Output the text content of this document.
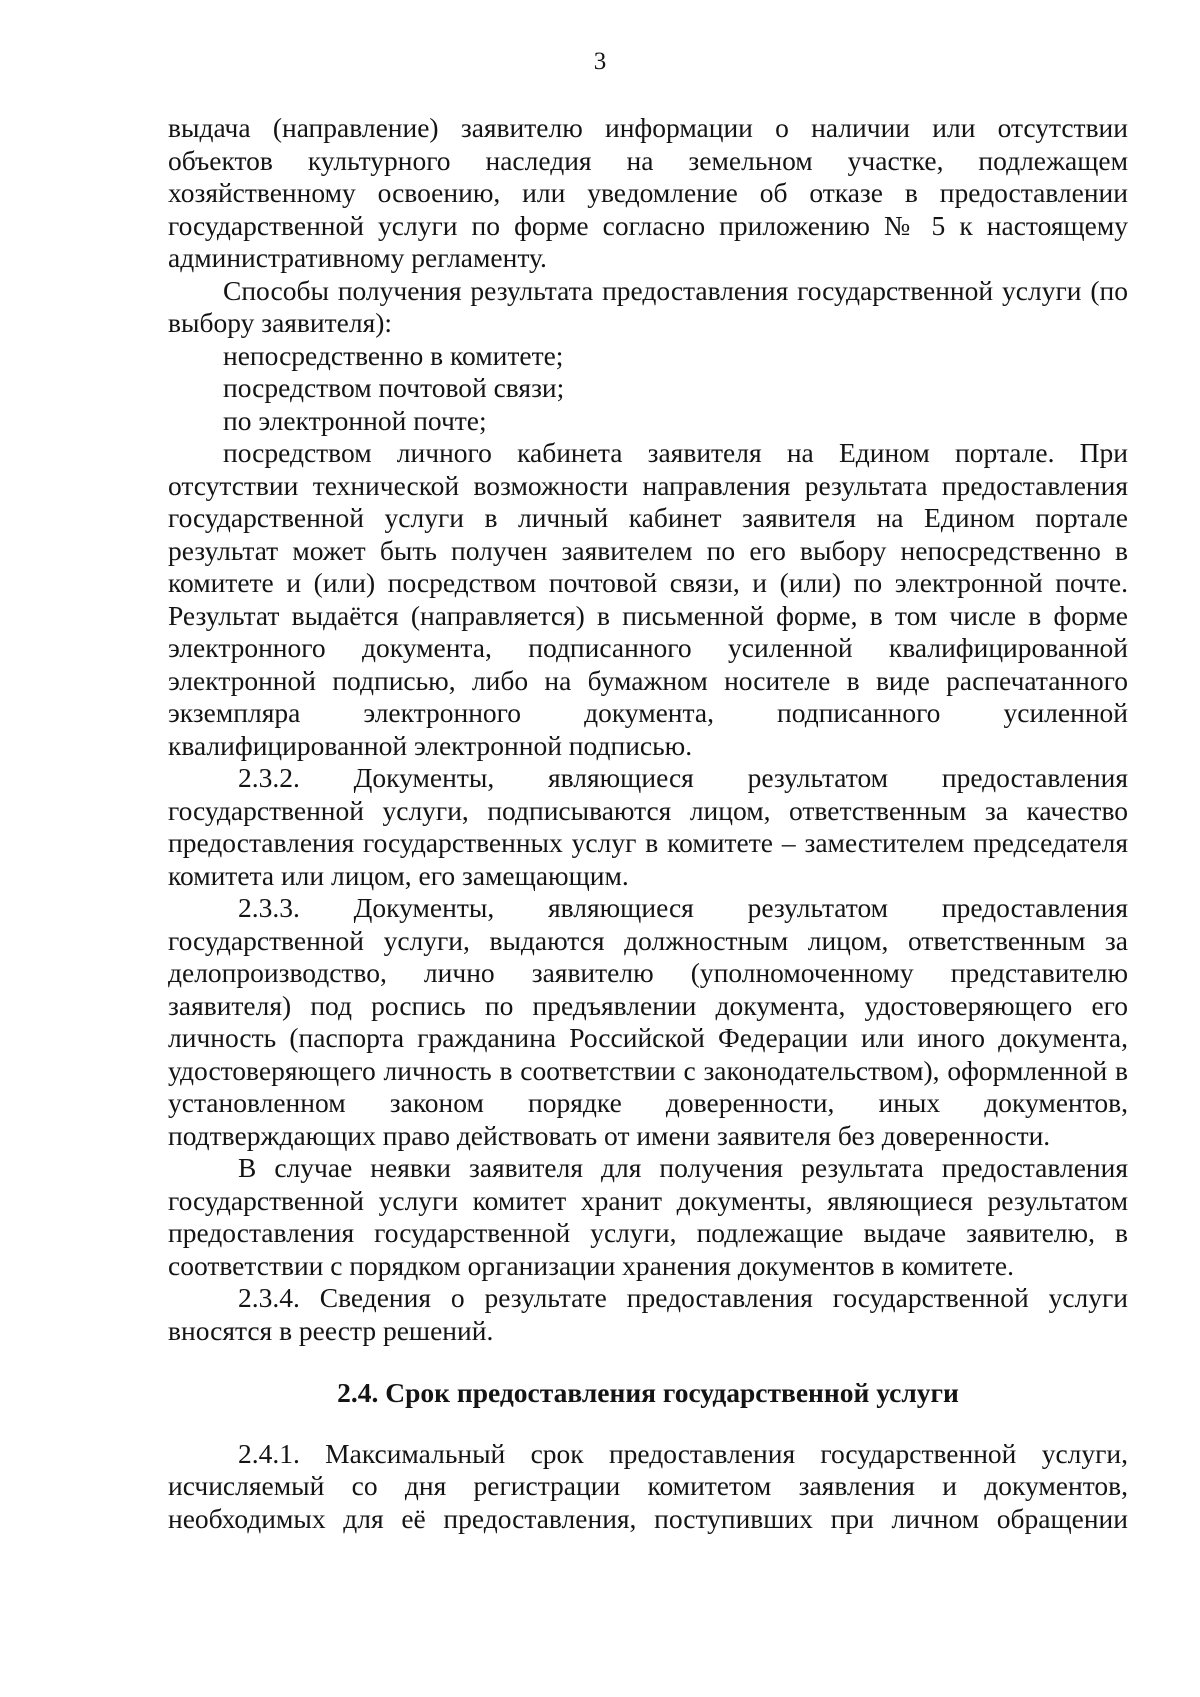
3

выдача (направление) заявителю информации о наличии или отсутствии объектов культурного наследия на земельном участке, подлежащем хозяйственному освоению, или уведомление об отказе в предоставлении государственной услуги по форме согласно приложению № 5 к настоящему административному регламенту.

Способы получения результата предоставления государственной услуги (по выбору заявителя):

непосредственно в комитете;

посредством почтовой связи;

по электронной почте;

посредством личного кабинета заявителя на Едином портале. При отсутствии технической возможности направления результата предоставления государственной услуги в личный кабинет заявителя на Едином портале результат может быть получен заявителем по его выбору непосредственно в комитете и (или) посредством почтовой связи, и (или) по электронной почте. Результат выдаётся (направляется) в письменной форме, в том числе в форме электронного документа, подписанного усиленной квалифицированной электронной подписью, либо на бумажном носителе в виде распечатанного экземпляра электронного документа, подписанного усиленной квалифицированной электронной подписью.

2.3.2. Документы, являющиеся результатом предоставления государственной услуги, подписываются лицом, ответственным за качество предоставления государственных услуг в комитете – заместителем председателя комитета или лицом, его замещающим.

2.3.3. Документы, являющиеся результатом предоставления государственной услуги, выдаются должностным лицом, ответственным за делопроизводство, лично заявителю (уполномоченному представителю заявителя) под роспись по предъявлении документа, удостоверяющего его личность (паспорта гражданина Российской Федерации или иного документа, удостоверяющего личность в соответствии с законодательством), оформленной в установленном законом порядке доверенности, иных документов, подтверждающих право действовать от имени заявителя без доверенности.

В случае неявки заявителя для получения результата предоставления государственной услуги комитет хранит документы, являющиеся результатом предоставления государственной услуги, подлежащие выдаче заявителю, в соответствии с порядком организации хранения документов в комитете.

2.3.4. Сведения о результате предоставления государственной услуги вносятся в реестр решений.

2.4. Срок предоставления государственной услуги

2.4.1. Максимальный срок предоставления государственной услуги, исчисляемый со дня регистрации комитетом заявления и документов, необходимых для её предоставления, поступивших при личном обращении
